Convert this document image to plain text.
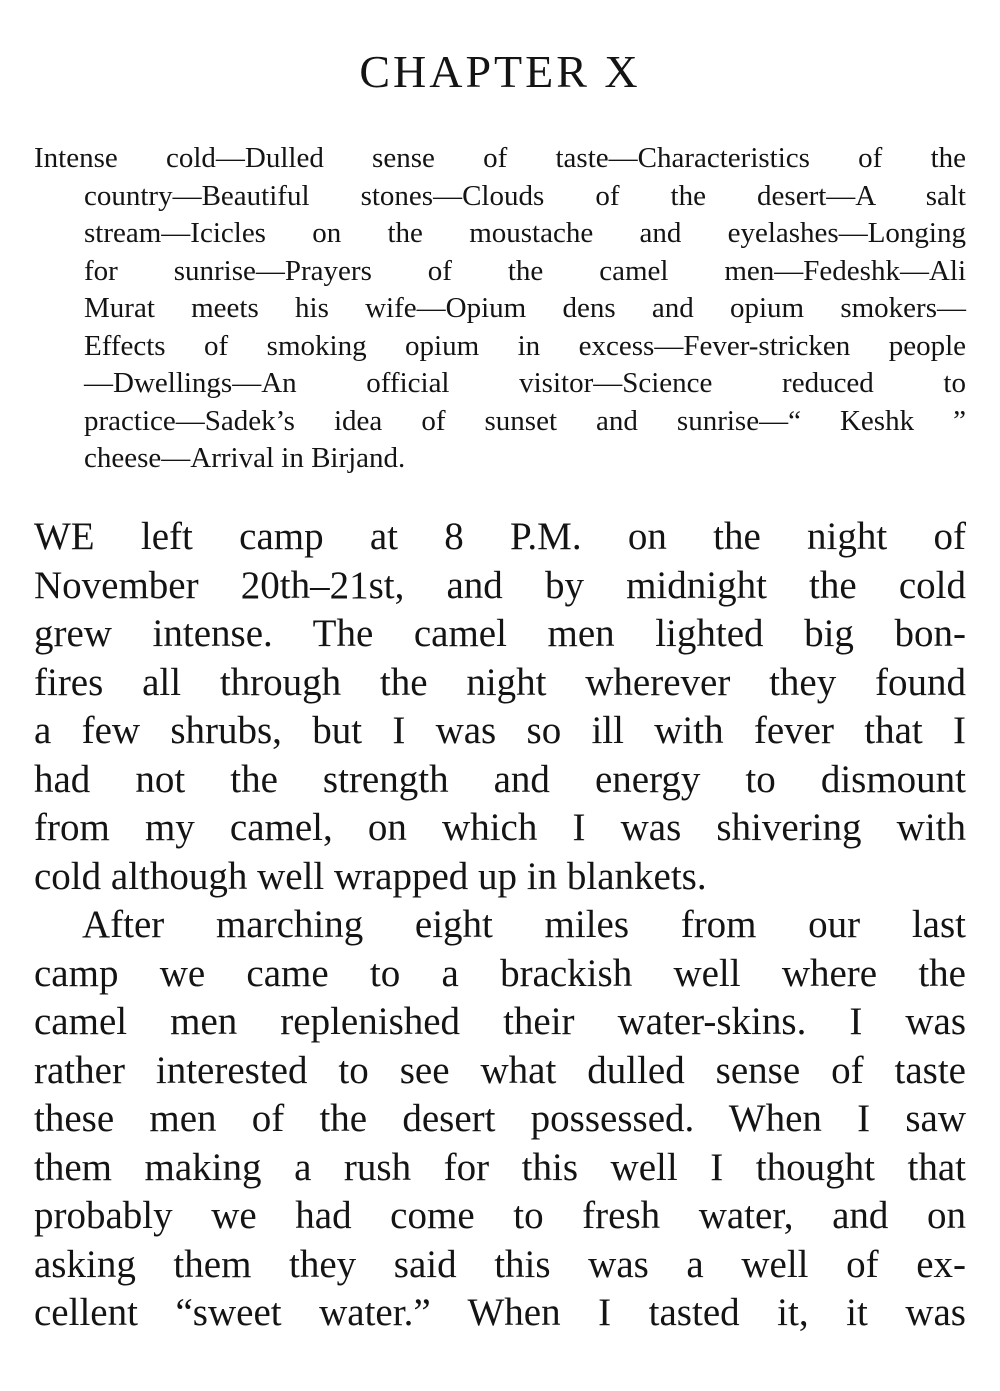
CHAPTER X
Intense cold—Dulled sense of taste—Characteristics of the
country—Beautiful stones—Clouds of the desert—A salt
stream—Icicles on the moustache and eyelashes—Longing
for sunrise—Prayers of the camel men—Fedeshk—Ali
Murat meets his wife—Opium dens and opium smokers—
Effects of smoking opium in excess—Fever-stricken people
—Dwellings—An official visitor—Science reduced to
practice—Sadek’s idea of sunset and sunrise—“ Keshk ”
cheese—Arrival in Birjand.
WE left camp at 8 P.M. on the night of
November 20th–21st, and by midnight the cold
grew intense. The camel men lighted big bon-
fires all through the night wherever they found
a few shrubs, but I was so ill with fever that I
had not the strength and energy to dismount
from my camel, on which I was shivering with
cold although well wrapped up in blankets.
After marching eight miles from our last
camp we came to a brackish well where the
camel men replenished their water-skins. I was
rather interested to see what dulled sense of taste
these men of the desert possessed. When I saw
them making a rush for this well I thought that
probably we had come to fresh water, and on
asking them they said this was a well of ex-
cellent “sweet water.” When I tasted it, it was
